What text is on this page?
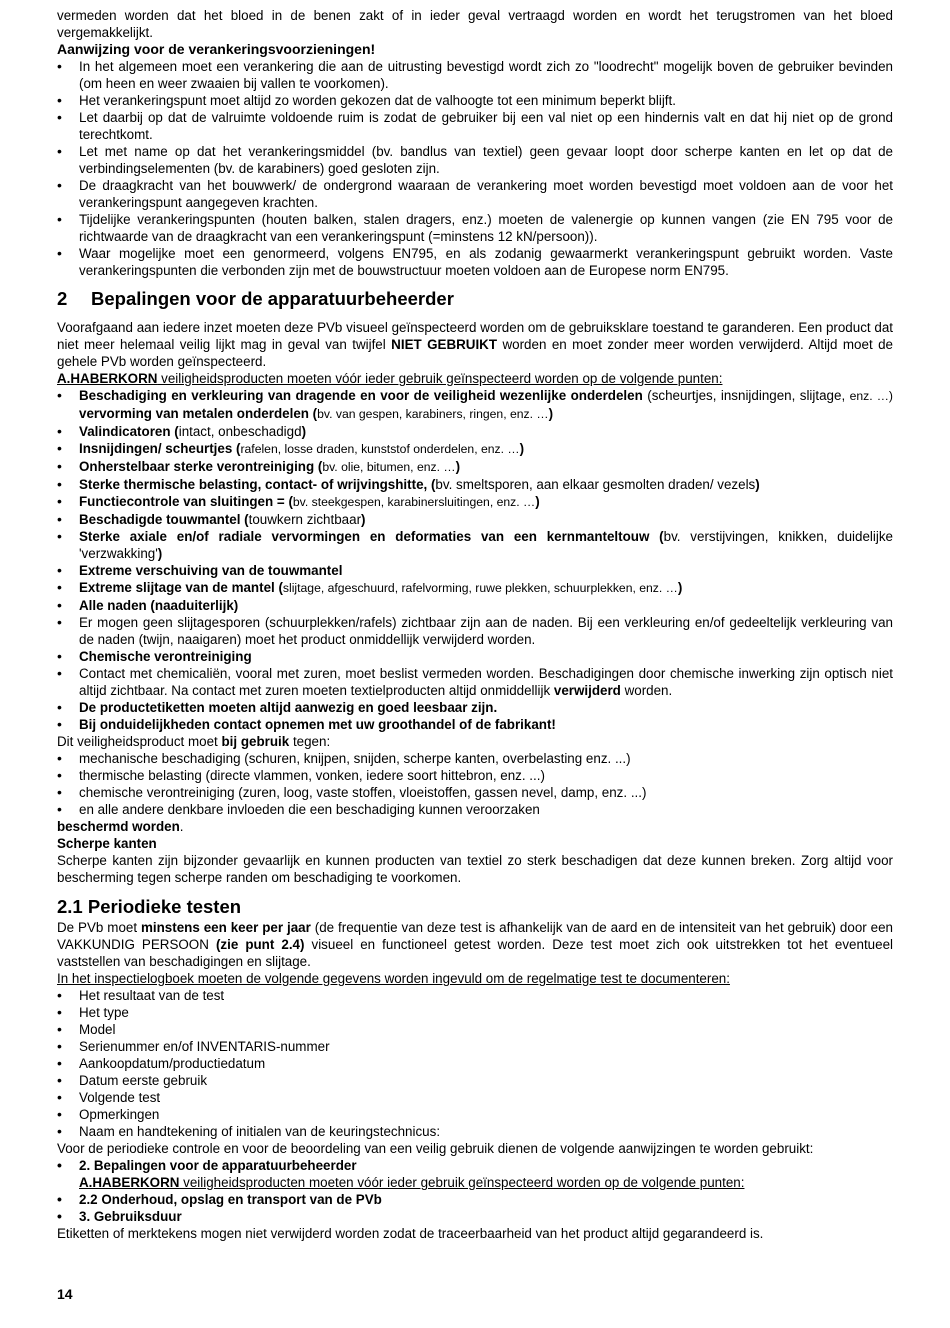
vermeden worden dat het bloed in de benen zakt of in ieder geval vertraagd worden en wordt het terugstromen van het bloed vergemakkelijkt.

Aanwijzing voor de verankeringsvoorzieningen!

• In het algemeen moet een verankering die aan de uitrusting bevestigd wordt zich zo "loodrecht" mogelijk boven de gebruiker bevinden (om heen en weer zwaaien bij vallen te voorkomen).
• Het verankeringspunt moet altijd zo worden gekozen dat de valhoogte tot een minimum beperkt blijft.
• Let daarbij op dat de valruimte voldoende ruim is zodat de gebruiker bij een val niet op een hindernis valt en dat hij niet op de grond terechtkomt.
• Let met name op dat het verankeringsmiddel (bv. bandlus van textiel) geen gevaar loopt door scherpe kanten en let op dat de verbindingselementen (bv. de karabiners) goed gesloten zijn.
• De draagkracht van het bouwwerk/ de ondergrond waaraan de verankering moet worden bevestigd moet voldoen aan de voor het verankeringspunt aangegeven krachten.
• Tijdelijke verankeringspunten (houten balken, stalen dragers, enz.) moeten de valenergie op kunnen vangen (zie EN 795 voor de richtwaarde van de draagkracht van een verankeringspunt (=minstens 12 kN/persoon)).
• Waar mogelijke moet een genormeerd, volgens EN795, en als zodanig gewaarmerkt verankeringspunt gebruikt worden. Vaste verankeringspunten die verbonden zijn met de bouwstructuur moeten voldoen aan de Europese norm EN795.
2 Bepalingen voor de apparatuurbeheerder

Voorafgaand aan iedere inzet moeten deze PVb visueel geïnspecteerd worden om de gebruiksklare toestand te garanderen. Een product dat niet meer helemaal veilig lijkt mag in geval van twijfel NIET GEBRUIKT worden en moet zonder meer worden verwijderd. Altijd moet de gehele PVb worden geïnspecteerd.

A.HABERKORN veiligheidsproducten moeten vóór ieder gebruik geïnspecteerd worden op de volgende punten:

• Beschadiging en verkleuring van dragende en voor de veiligheid wezenlijke onderdelen (scheurtjes, insnijdingen, slijtage, enz. …) vervorming van metalen onderdelen (bv. van gespen, karabiners, ringen, enz. …)
• Valindicatoren (intact, onbeschadigd)
• Insnijdingen/ scheurtjes (rafelen, losse draden, kunststof onderdelen, enz. …)
• Onherstelbaar sterke verontreiniging (bv. olie, bitumen, enz. …)
• Sterke thermische belasting, contact- of wrijvingshitte, (bv. smeltsporen, aan elkaar gesmolten draden/ vezels)
• Functiecontrole van sluitingen = (bv. steekgespen, karabinersluitingen, enz. …)
• Beschadigde touwmantel (touwkern zichtbaar)
• Sterke axiale en/of radiale vervormingen en deformaties van een kernmanteltouw (bv. verstijvingen, knikken, duidelijke 'verzwakking')
• Extreme verschuiving van de touwmantel
• Extreme slijtage van de mantel (slijtage, afgeschuurd, rafelvorming, ruwe plekken, schuurplekken, enz. …)
• Alle naden (naaduiterlijk)
• Er mogen geen slijtagesporen (schuurplekken/rafels) zichtbaar zijn aan de naden. Bij een verkleuring en/of gedeeltelijk verkleuring van de naden (twijn, naaigaren) moet het product onmiddellijk verwijderd worden.
• Chemische verontreiniging
• Contact met chemicaliën, vooral met zuren, moet beslist vermeden worden. Beschadigingen door chemische inwerking zijn optisch niet altijd zichtbaar. Na contact met zuren moeten textielproducten altijd onmiddellijk verwijderd worden.
• De productetiketten moeten altijd aanwezig en goed leesbaar zijn.
• Bij onduidelijkheden contact opnemen met uw groothandel of de fabrikant!

Dit veiligheidsproduct moet bij gebruik tegen:

• mechanische beschadiging (schuren, knijpen, snijden, scherpe kanten, overbelasting enz. ...)
• thermische belasting (directe vlammen, vonken, iedere soort hittebron, enz. ...)
• chemische verontreiniging (zuren, loog, vaste stoffen, vloeistoffen, gassen nevel, damp, enz. ...)
• en alle andere denkbare invloeden die een beschadiging kunnen veroorzaken

beschermd worden.

Scherpe kanten

Scherpe kanten zijn bijzonder gevaarlijk en kunnen producten van textiel zo sterk beschadigen dat deze kunnen breken. Zorg altijd voor bescherming tegen scherpe randen om beschadiging te voorkomen.

2.1 Periodieke testen

De PVb moet minstens een keer per jaar (de frequentie van deze test is afhankelijk van de aard en de intensiteit van het gebruik) door een VAKKUNDIG PERSOON (zie punt 2.4) visueel en functioneel getest worden. Deze test moet zich ook uitstrekken tot het eventueel vaststellen van beschadigingen en slijtage.

In het inspectielogboek moeten de volgende gegevens worden ingevuld om de regelmatige test te documenteren:

• Het resultaat van de test
• Het type
• Model
• Serienummer en/of INVENTARIS-nummer
• Aankoopdatum/productiedatum
• Datum eerste gebruik
• Volgende test
• Opmerkingen
• Naam en handtekening of initialen van de keuringstechnicus:

Voor de periodieke controle en voor de beoordeling van een veilig gebruik dienen de volgende aanwijzingen te worden gebruikt:

• 2. Bepalingen voor de apparatuurbeheerder

A.HABERKORN veiligheidsproducten moeten vóór ieder gebruik geïnspecteerd worden op de volgende punten:

• 2.2 Onderhoud, opslag en transport van de PVb
• 3. Gebruiksduur

Etiketten of merktekens mogen niet verwijderd worden zodat de traceerbaarheid van het product altijd gegarandeerd is.

14
